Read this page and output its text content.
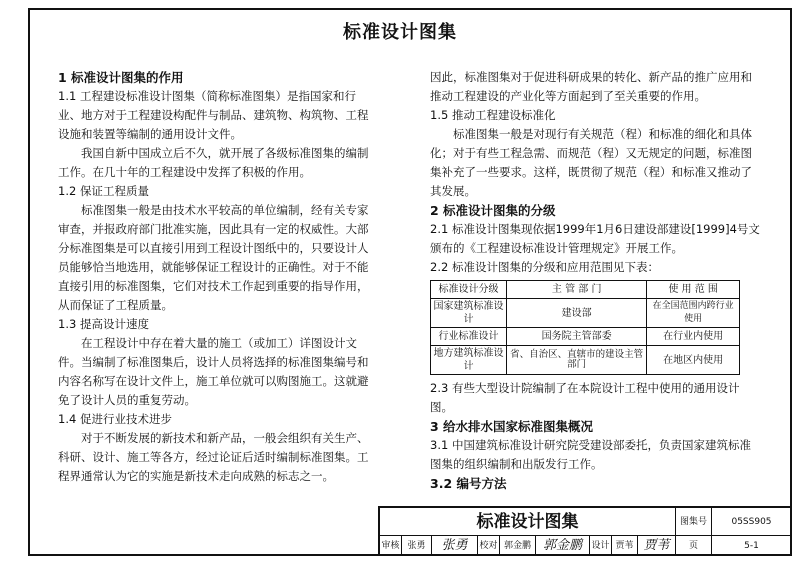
标准设计图集

1 标准设计图集的作用

1.1 工程建设标准设计图集（简称标准图集）是指国家和行业、地方对于工程建设构配件与制品、建筑物、构筑物、工程设施和装置等编制的通用设计文件。

我国自新中国成立后不久，就开展了各级标准图集的编制工作。在几十年的工程建设中发挥了积极的作用。

1.2 保证工程质量

标准图集一般是由技术水平较高的单位编制，经有关专家审查，并报政府部门批准实施，因此具有一定的权威性。大部分标准图集是可以直接引用到工程设计图纸中的，只要设计人员能够恰当地选用，就能够保证工程设计的正确性。对于不能直接引用的标准图集，它们对技术工作起到重要的指导作用，从而保证了工程质量。

1.3 提高设计速度

在工程设计中存在着大量的施工（或加工）详图设计文件。当编制了标准图集后，设计人员将选择的标准图集编号和内容名称写在设计文件上，施工单位就可以购图施工。这就避免了设计人员的重复劳动。

1.4 促进行业技术进步

对于不断发展的新技术和新产品，一般会组织有关生产、科研、设计、施工等各方，经过论证后适时编制标准图集。工程界通常认为它的实施是新技术走向成熟的标志之一。

因此，标准图集对于促进科研成果的转化、新产品的推广应用和推动工程建设的产业化等方面起到了至关重要的作用。

1.5 推动工程建设标准化

标准图集一般是对现行有关规范（程）和标准的细化和具体化；对于有些工程急需、而规范（程）又无规定的问题，标准图集补充了一些要求。这样，既贯彻了规范（程）和标准又推动了其发展。

2 标准设计图集的分级

2.1 标准设计图集现依据1999年1月6日建设部建设[1999]4号文颁布的《工程建设标准设计管理规定》开展工作。

2.2 标准设计图集的分级和应用范围见下表：

标准设计分级	主 管 部 门	使 用 范 围
国家建筑标准设计	建设部	在全国范围内跨行业使用
行业标准设计	国务院主管部委	在行业内使用
地方建筑标准设计	省、自治区、直辖市的建设主管部门	在地区内使用

2.3 有些大型设计院编制了在本院设计工程中使用的通用设计图。

3 给水排水国家标准图集概况

3.1 中国建筑标准设计研究院受建设部委托，负责国家建筑标准图集的组织编制和出版发行工作。

3.2 编号方法

标准设计图集	图集号	05SS905
审核 张勇	张勇	校对 郭金鹏 郭金鹏	设计 贾苇 贾苇	页	5-1
